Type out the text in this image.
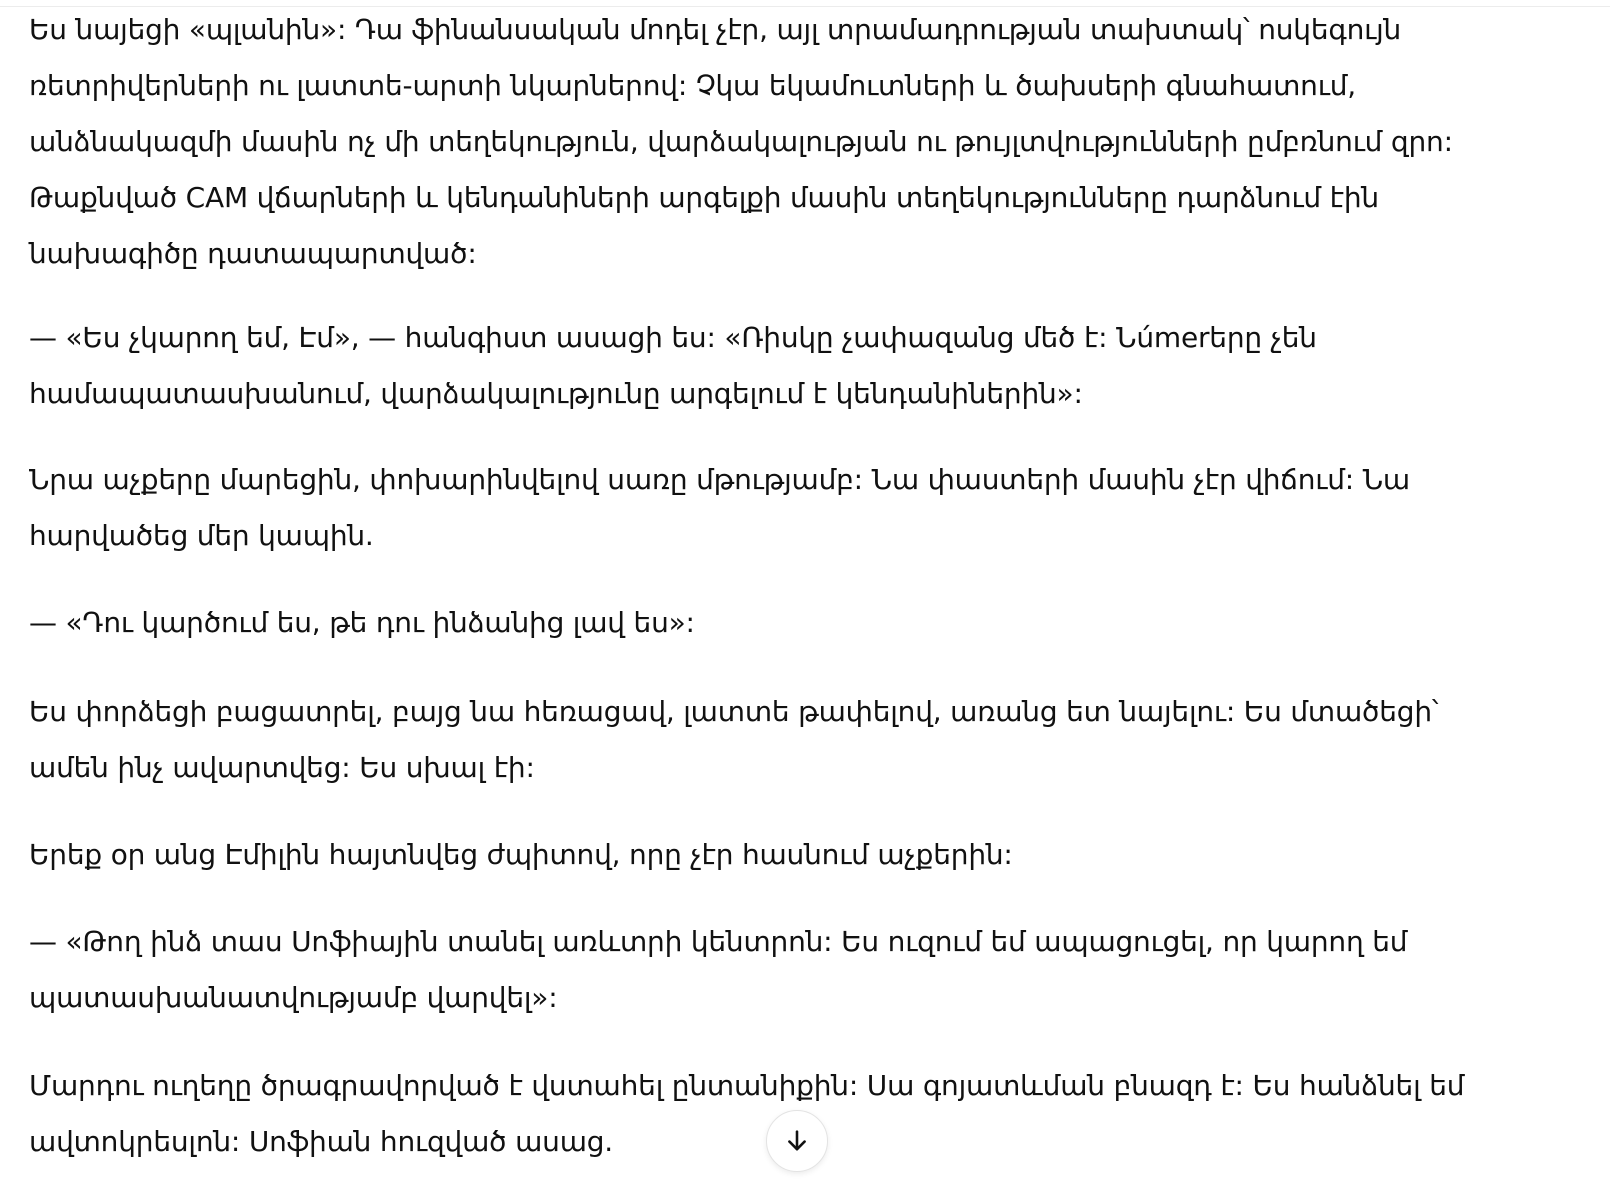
Ես նայեցի «պլանին»: Դա ֆինանսական մոդել չէր, այլ տրամադրության տախտակ՝ ոսկեգույն
ռետրիվերների ու լատտե-արտի նկարներով: Չկա եկամուտների և ծախսերի գնահատում,
անձնակազմի մասին ոչ մի տեղեկություն, վարձակալության ու թույլտվությունների ըմբռնում զրո:
Թաքնված CAM վճարների և կենդանիների արգելքի մասին տեղեկությունները դարձնում էին
նախագիծը դատապարտված:

— «Ես չկարող եմ, Էմ», — հանգիստ ասացի ես: «Ռիսկը չափազանց մեծ է: Նúmerերը չեն
համապատասխանում, վարձակալությունը արգելում է կենդանիներին»:

Նրա աչքերը մարեցին, փոխարինվելով սառը մթությամբ: Նա փաստերի մասին չէր վիճում: Նա
հարվածեց մեր կապին.

— «Դու կարծում ես, թե դու ինձանից լավ ես»:

Ես փորձեցի բացատրել, բայց նա հեռացավ, լատտե թափելով, առանց ետ նայելու: Ես մտածեցի՝
ամեն ինչ ավարտվեց: Ես սխալ էի:

Երեք օր անց Էմիլին հայտնվեց ժպիտով, որը չէր հասնում աչքերին:

— «Թող ինձ տաս Սոֆիային տանել առևտրի կենտրոն: Ես ուզում եմ ապացուցել, որ կարող եմ
պատասխանատվությամբ վարվել»:

Մարդու ուղեղը ծրագրավորված է վստահել ընտանիքին: Սա գոյատևման բնազդ է: Ես հանձնել եմ
ավտոկրեսլոն: Սոֆիան հուզված ասաց.
